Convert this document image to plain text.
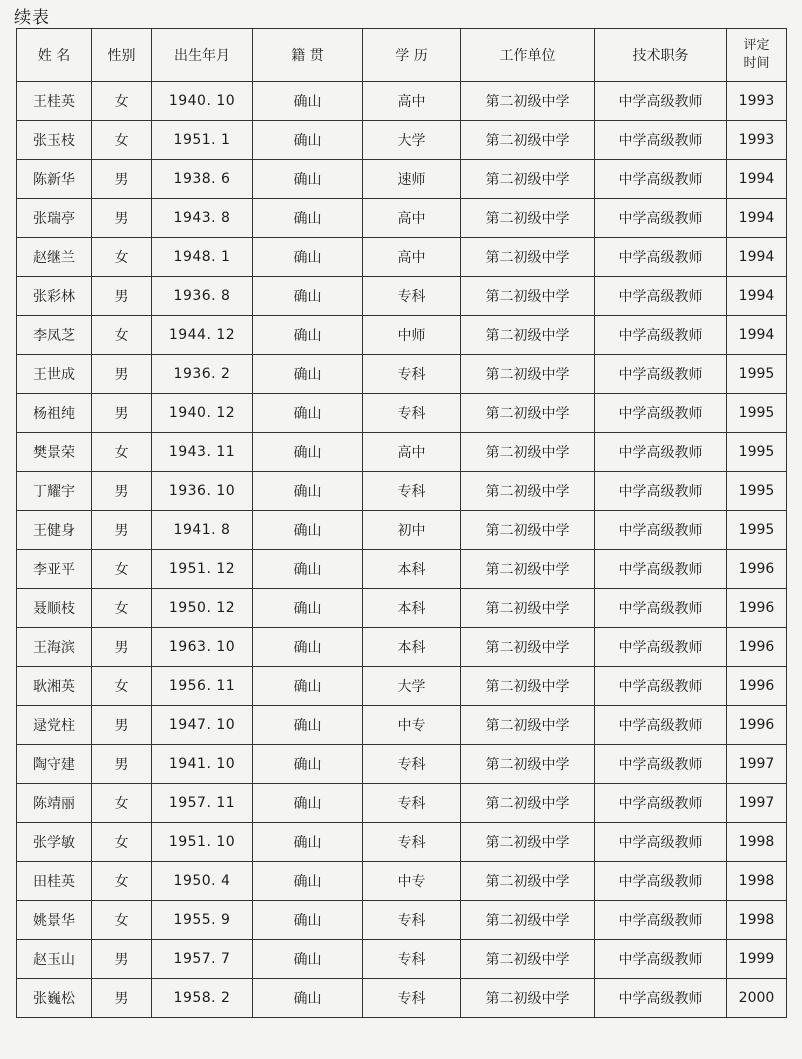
续表
姓 名	性别	出生年月	籍 贯	学 历	工作单位	技术职务	评定
时间

王桂英	女	1940. 10	确山	高中	第二初级中学	中学高级教师	1993
张玉枝	女	1951. 1	确山	大学	第二初级中学	中学高级教师	1993
陈新华	男	1938. 6	确山	速师	第二初级中学	中学高级教师	1994
张瑞亭	男	1943. 8	确山	高中	第二初级中学	中学高级教师	1994
赵继兰	女	1948. 1	确山	高中	第二初级中学	中学高级教师	1994
张彩林	男	1936. 8	确山	专科	第二初级中学	中学高级教师	1994
李凤芝	女	1944. 12	确山	中师	第二初级中学	中学高级教师	1994
王世成	男	1936. 2	确山	专科	第二初级中学	中学高级教师	1995
杨祖纯	男	1940. 12	确山	专科	第二初级中学	中学高级教师	1995
樊景荣	女	1943. 11	确山	高中	第二初级中学	中学高级教师	1995
丁耀宇	男	1936. 10	确山	专科	第二初级中学	中学高级教师	1995
王健身	男	1941. 8	确山	初中	第二初级中学	中学高级教师	1995
李亚平	女	1951. 12	确山	本科	第二初级中学	中学高级教师	1996
聂顺枝	女	1950. 12	确山	本科	第二初级中学	中学高级教师	1996
王海滨	男	1963. 10	确山	本科	第二初级中学	中学高级教师	1996
耿湘英	女	1956. 11	确山	大学	第二初级中学	中学高级教师	1996
逯党柱	男	1947. 10	确山	中专	第二初级中学	中学高级教师	1996
陶守建	男	1941. 10	确山	专科	第二初级中学	中学高级教师	1997
陈靖丽	女	1957. 11	确山	专科	第二初级中学	中学高级教师	1997
张学敏	女	1951. 10	确山	专科	第二初级中学	中学高级教师	1998
田桂英	女	1950. 4	确山	中专	第二初级中学	中学高级教师	1998
姚景华	女	1955. 9	确山	专科	第二初级中学	中学高级教师	1998
赵玉山	男	1957. 7	确山	专科	第二初级中学	中学高级教师	1999
张巍松	男	1958. 2	确山	专科	第二初级中学	中学高级教师	2000
